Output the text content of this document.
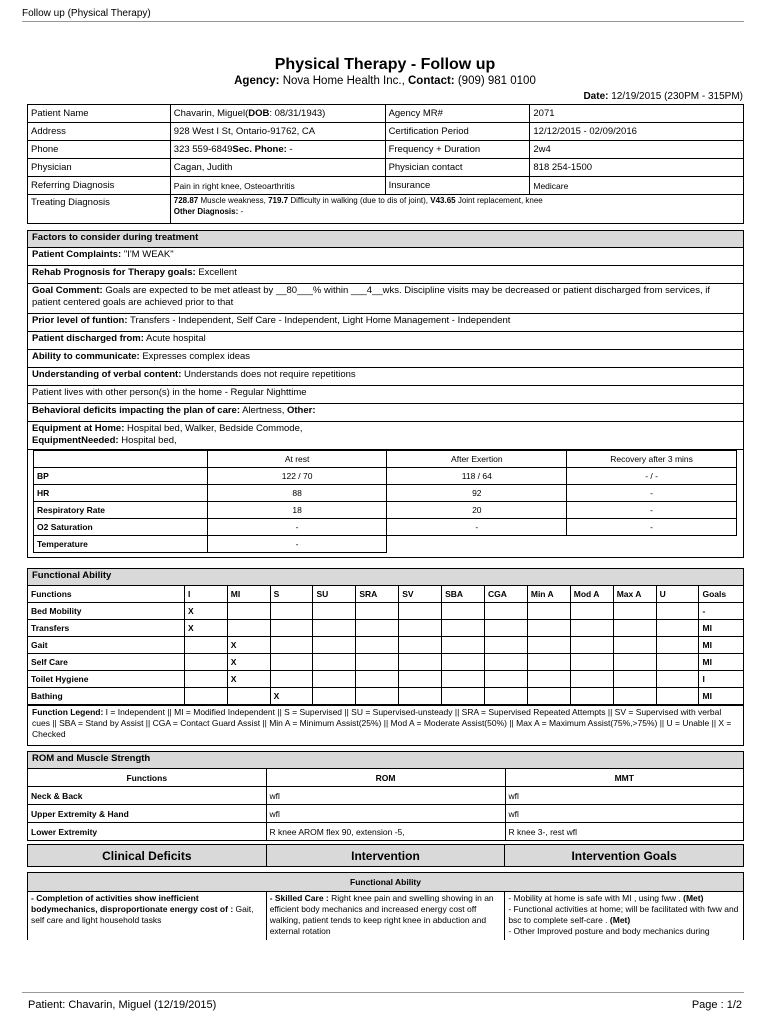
Follow up (Physical Therapy)
Physical Therapy - Follow up
Agency: Nova Home Health Inc., Contact: (909) 981 0100
Date: 12/19/2015 (230PM - 315PM)
Patient Name	Chavarin, Miguel(DOB: 08/31/1943)	Agency MR#	2071
Address	928 West I St, Ontario-91762, CA	Certification Period	12/12/2015 - 02/09/2016
Phone	323 559-6849Sec. Phone: -	Frequency + Duration	2w4
Physician	Cagan, Judith	Physician contact	818 254-1500
Referring Diagnosis	Pain in right knee, Osteoarthritis	Insurance	Medicare
Treating Diagnosis	728.87 Muscle weakness, 719.7 Difficulty in walking (due to dis of joint), V43.65 Joint replacement, knee
Other Diagnosis: -		
Factors to consider during treatment
Patient Complaints: "I'M WEAK"
Rehab Prognosis for Therapy goals: Excellent
Goal Comment: Goals are expected to be met atleast by __80___% within ___4__wks. Discipline visits may be decreased or patient discharged from services, if patient centered goals are achieved prior to that
Prior level of funtion: Transfers - Independent, Self Care - Independent, Light Home Management - Independent
Patient discharged from: Acute hospital
Ability to communicate: Expresses complex ideas
Understanding of verbal content: Understands does not require repetitions
Patient lives with other person(s) in the home - Regular Nighttime
Behavioral deficits impacting the plan of care: Alertness, Other:
Equipment at Home: Hospital bed, Walker, Bedside Commode,
EquipmentNeeded: Hospital bed,
	At rest	After Exertion	Recovery after 3 mins
BP	122 / 70	118 / 64	- / -
HR	88	92	-
Respiratory Rate	18	20	-
O2 Saturation	-	-	-
Temperature	-		
Functional Ability
Functions	I	MI	S	SU	SRA	SV	SBA	CGA	Min A	Mod A	Max A	U	Goals
Bed Mobility	X												-
Transfers	X												MI
Gait		X											MI
Self Care		X											MI
Toilet Hygiene		X											I
Bathing			X										MI
Function Legend: I = Independent || MI = Modified Independent || S = Supervised || SU = Supervised-unsteady || SRA = Supervised Repeated Attempts || SV = Supervised with verbal cues || SBA = Stand by Assist || CGA = Contact Guard Assist || Min A = Minimum Assist(25%) || Mod A = Moderate Assist(50%) || Max A = Maximum Assist(75%,>75%) || U = Unable || X = Checked
ROM and Muscle Strength
Functions	ROM	MMT
Neck & Back	wfl	wfl
Upper Extremity & Hand	wfl	wfl
Lower Extremity	R knee AROM flex 90, extension -5,	R knee 3-, rest wfl
Clinical Deficits	Intervention	Intervention Goals
Functional Ability
- Completion of activities show inefficient bodymechanics, disproportionate energy cost of : Gait, self care and light household tasks	- Skilled Care : Right knee pain and swelling showing in an efficient body mechanics and increased energy cost off walking, patient tends to keep right knee in abduction and external rotation	- Mobility at home is safe with MI , using fww . (Met)
- Functional activities at home; will be facilitated with fww and bsc to complete self-care . (Met)
- Other Improved posture and body mechanics during
Patient: Chavarin, Miguel (12/19/2015)	Page : 1/2
